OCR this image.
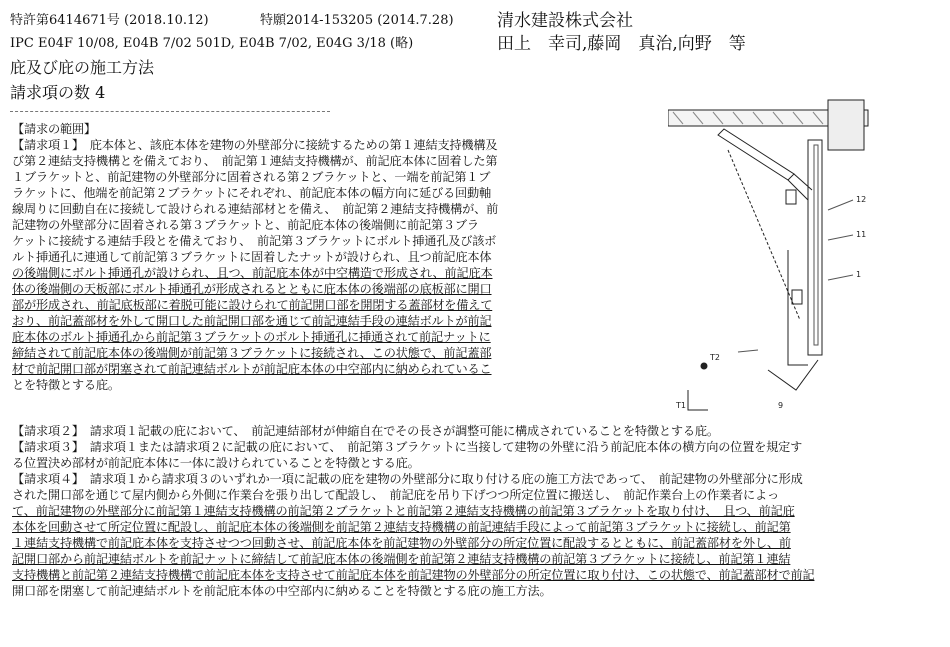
特許第6414671号 (2018.10.12)	特願2014-153205 (2014.7.28)	清水建設株式会社
IPC E04F 10/08, E04B 7/02 501D, E04B 7/02, E04G 3/18 (略)	田上　幸司,藤岡　真治,向野　等
庇及び庇の施工方法
請求項の数 4
【請求の範囲】
【請求項１】　庇本体と、該庇本体を建物の外壁部分に接続するための第１連結支持機構及
び第２連結支持機構とを備えており、　前記第１連結支持機構が、前記庇本体に固着した第
１ブラケットと、前記建物の外壁部分に固着される第２ブラケットと、一端を前記第１ブ
ラケットに、他端を前記第２ブラケットにそれぞれ、前記庇本体の幅方向に延びる回動軸
線周りに回動自在に接続して設けられる連結部材とを備え、　前記第２連結支持機構が、前
記建物の外壁部分に固着される第３ブラケットと、前記庇本体の後端側に前記第３ブラ
ケットに接続する連結手段とを備えており、　前記第３ブラケットにボルト挿通孔及び該ボ
ルト挿通孔に連通して前記第３ブラケットに固着したナットが設けられ、且つ前記庇本体
の後端側にボルト挿通孔が設けられ、且つ、前記庇本体が中空構造で形成され、前記庇本
体の後端側の天板部にボルト挿通孔が形成されるとともに庇本体の後端部の底板部に開口
部が形成され、前記底板部に着脱可能に設けられて前記開口部を開閉する蓋部材を備えて
おり、前記蓋部材を外して開口した前記開口部を通じて前記連結手段の連結ボルトが前記
庇本体のボルト挿通孔から前記第３ブラケットのボルト挿通孔に挿通されて前記ナットに
締結されて前記庇本体の後端側が前記第３ブラケットに接続され、この状態で、前記蓋部
材で前記開口部が閉塞されて前記連結ボルトが前記庇本体の中空部内に納められているこ
とを特徴とする庇。
【請求項２】　請求項１記載の庇において、　前記連結部材が伸縮自在でその長さが調整可能に構成されていることを特徴とする庇。
【請求項３】　請求項１または請求項２に記載の庇において、　前記第３ブラケットに当接して建物の外壁に沿う前記庇本体の横方向の位置を規定す
る位置決め部材が前記庇本体に一体に設けられていることを特徴とする庇。
【請求項４】　請求項１から請求項３のいずれか一項に記載の庇を建物の外壁部分に取り付ける庇の施工方法であって、　前記建物の外壁部分に形成
された開口部を通じて屋内側から外側に作業台を張り出して配設し、　前記庇を吊り下げつつ所定位置に搬送し、　前記作業台上の作業者によっ
て、前記建物の外壁部分に前記第１連結支持機構の前記第２ブラケットと前記第２連結支持機構の前記第３ブラケットを取り付け、　且つ、前記庇
本体を回動させて所定位置に配設し、前記庇本体の後端側を前記第２連結支持機構の前記連結手段によって前記第３ブラケットに接続し、前記第
１連結支持機構で前記庇本体を支持させつつ回動させ、前記庇本体を前記建物の外壁部分の所定位置に配設するとともに、前記蓋部材を外し、前
記開口部から前記連結ボルトを前記ナットに締結して前記庇本体の後端側を前記第２連結支持機構の前記第３ブラケットに接続し、前記第１連結
支持機構と前記第２連結支持機構で前記庇本体を支持させて前記庇本体を前記建物の外壁部分の所定位置に取り付け、この状態で、前記蓋部材で前記
開口部を閉塞して前記連結ボルトを前記庇本体の中空部内に納めることを特徴とする庇の施工方法。
12
11
1
T2
T1	9
